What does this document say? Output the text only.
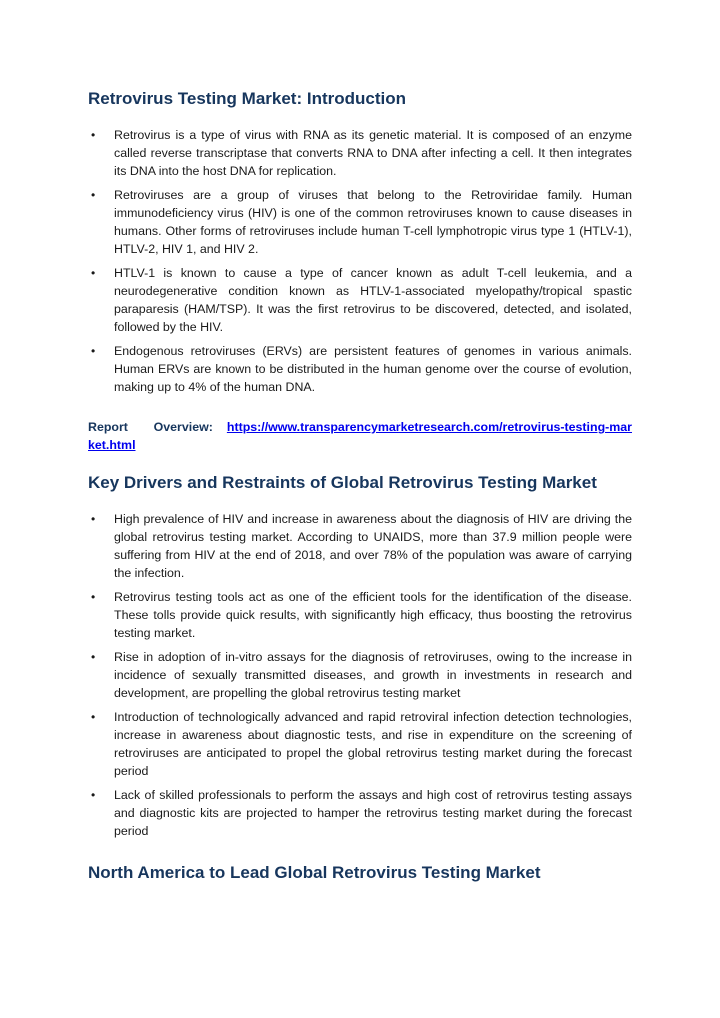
Retrovirus Testing Market: Introduction
• Retrovirus is a type of virus with RNA as its genetic material. It is composed of an enzyme called reverse transcriptase that converts RNA to DNA after infecting a cell. It then integrates its DNA into the host DNA for replication.
• Retroviruses are a group of viruses that belong to the Retroviridae family. Human immunodeficiency virus (HIV) is one of the common retroviruses known to cause diseases in humans. Other forms of retroviruses include human T-cell lymphotropic virus type 1 (HTLV-1), HTLV-2, HIV 1, and HIV 2.
• HTLV-1 is known to cause a type of cancer known as adult T-cell leukemia, and a neurodegenerative condition known as HTLV-1-associated myelopathy/tropical spastic paraparesis (HAM/TSP). It was the first retrovirus to be discovered, detected, and isolated, followed by the HIV.
• Endogenous retroviruses (ERVs) are persistent features of genomes in various animals. Human ERVs are known to be distributed in the human genome over the course of evolution, making up to 4% of the human DNA.
Report Overview: https://www.transparencymarketresearch.com/retrovirus-testing-market.html
Key Drivers and Restraints of Global Retrovirus Testing Market
• High prevalence of HIV and increase in awareness about the diagnosis of HIV are driving the global retrovirus testing market. According to UNAIDS, more than 37.9 million people were suffering from HIV at the end of 2018, and over 78% of the population was aware of carrying the infection.
• Retrovirus testing tools act as one of the efficient tools for the identification of the disease. These tolls provide quick results, with significantly high efficacy, thus boosting the retrovirus testing market.
• Rise in adoption of in-vitro assays for the diagnosis of retroviruses, owing to the increase in incidence of sexually transmitted diseases, and growth in investments in research and development, are propelling the global retrovirus testing market
• Introduction of technologically advanced and rapid retroviral infection detection technologies, increase in awareness about diagnostic tests, and rise in expenditure on the screening of retroviruses are anticipated to propel the global retrovirus testing market during the forecast period
• Lack of skilled professionals to perform the assays and high cost of retrovirus testing assays and diagnostic kits are projected to hamper the retrovirus testing market during the forecast period
North America to Lead Global Retrovirus Testing Market
